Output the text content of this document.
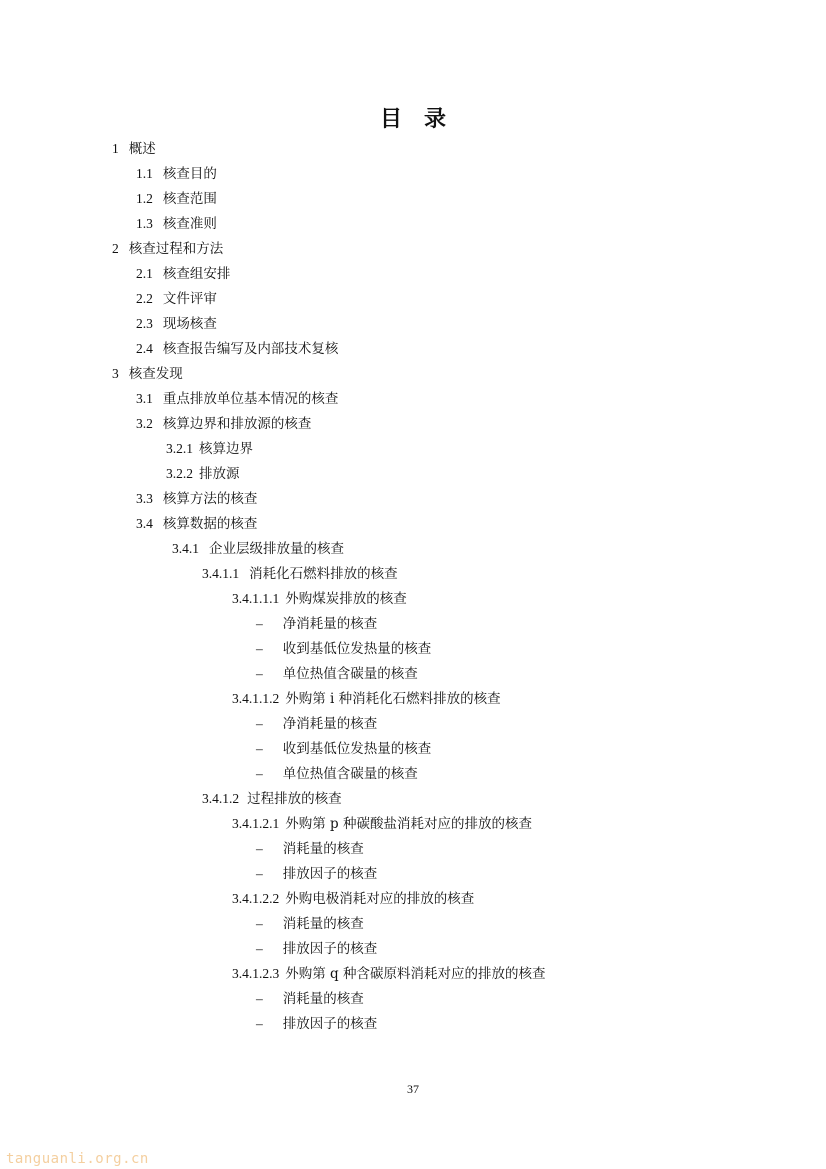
目　录
1 概述
1.1 核查目的
1.2 核查范围
1.3 核查准则
2 核查过程和方法
2.1 核查组安排
2.2 文件评审
2.3 现场核查
2.4 核查报告编写及内部技术复核
3 核查发现
3.1 重点排放单位基本情况的核查
3.2 核算边界和排放源的核查
3.2.1 核算边界
3.2.2 排放源
3.3 核算方法的核查
3.4 核算数据的核查
3.4.1 企业层级排放量的核查
3.4.1.1 消耗化石燃料排放的核查
3.4.1.1.1 外购煤炭排放的核查
– 净消耗量的核查
– 收到基低位发热量的核查
– 单位热值含碳量的核查
3.4.1.1.2 外购第 i 种消耗化石燃料排放的核查
– 净消耗量的核查
– 收到基低位发热量的核查
– 单位热值含碳量的核查
3.4.1.2 过程排放的核查
3.4.1.2.1 外购第 p 种碳酸盐消耗对应的排放的核查
– 消耗量的核查
– 排放因子的核查
3.4.1.2.2 外购电极消耗对应的排放的核查
– 消耗量的核查
– 排放因子的核查
3.4.1.2.3 外购第 q 种含碳原料消耗对应的排放的核查
– 消耗量的核查
– 排放因子的核查
37
tanguanli.org.cn
